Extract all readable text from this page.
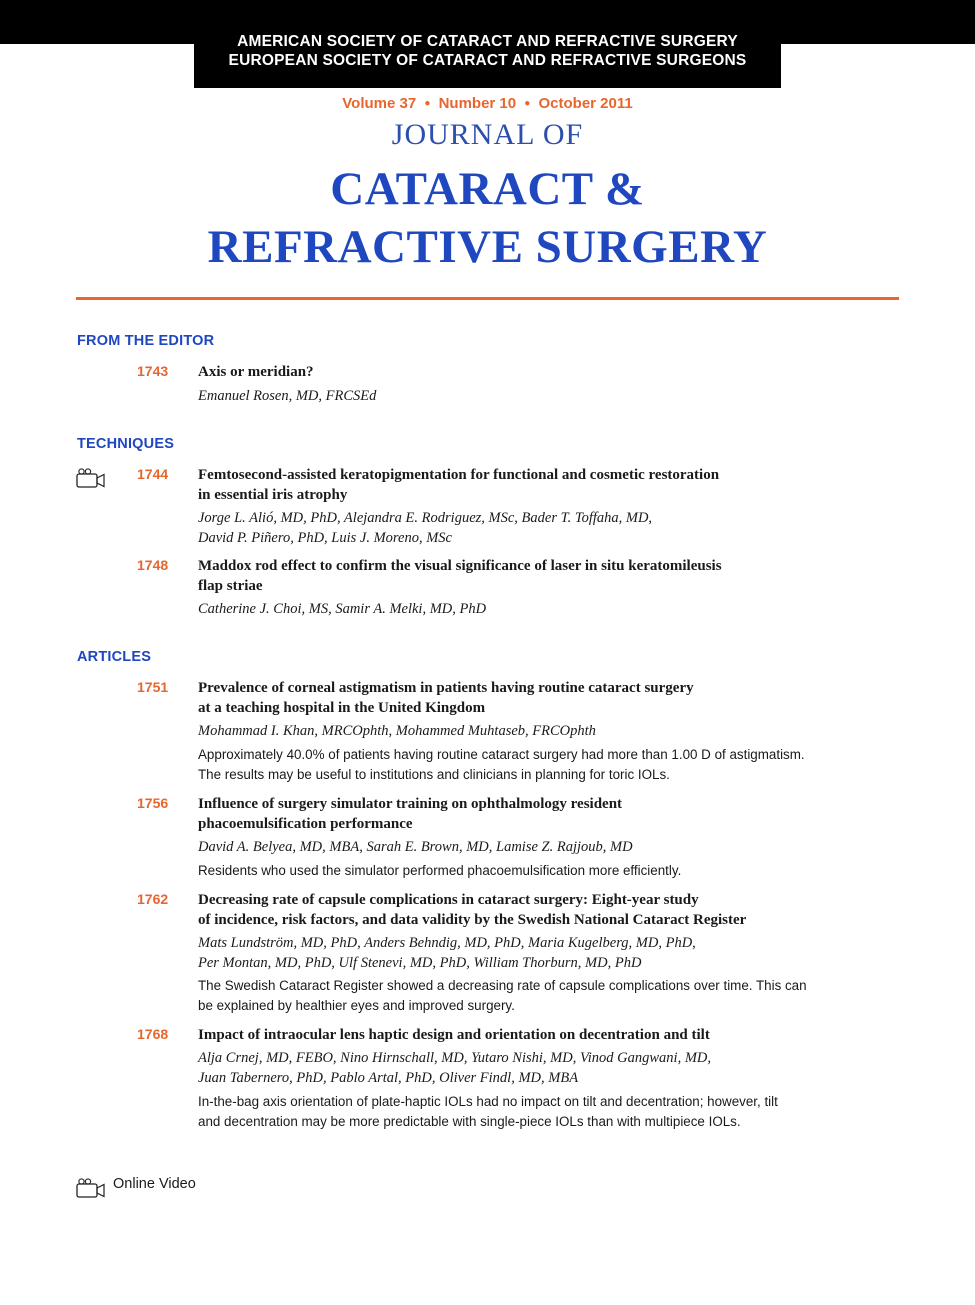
AMERICAN SOCIETY OF CATARACT AND REFRACTIVE SURGERY
EUROPEAN SOCIETY OF CATARACT AND REFRACTIVE SURGEONS
Volume 37 ● Number 10 ● October 2011
JOURNAL OF
CATARACT &
REFRACTIVE SURGERY
FROM THE EDITOR
1743 Axis or meridian?
Emanuel Rosen, MD, FRCSEd
TECHNIQUES
1744 Femtosecond-assisted keratopigmentation for functional and cosmetic restoration
in essential iris atrophy
Jorge L. Alió, MD, PhD, Alejandra E. Rodriguez, MSc, Bader T. Toffaha, MD,
David P. Piñero, PhD, Luis J. Moreno, MSc
1748 Maddox rod effect to confirm the visual significance of laser in situ keratomileusis
flap striae
Catherine J. Choi, MS, Samir A. Melki, MD, PhD
ARTICLES
1751 Prevalence of corneal astigmatism in patients having routine cataract surgery
at a teaching hospital in the United Kingdom
Mohammad I. Khan, MRCOphth, Mohammed Muhtaseb, FRCOphth
Approximately 40.0% of patients having routine cataract surgery had more than 1.00 D of astigmatism.
The results may be useful to institutions and clinicians in planning for toric IOLs.
1756 Influence of surgery simulator training on ophthalmology resident
phacoemulsification performance
David A. Belyea, MD, MBA, Sarah E. Brown, MD, Lamise Z. Rajjoub, MD
Residents who used the simulator performed phacoemulsification more efficiently.
1762 Decreasing rate of capsule complications in cataract surgery: Eight-year study
of incidence, risk factors, and data validity by the Swedish National Cataract Register
Mats Lundström, MD, PhD, Anders Behndig, MD, PhD, Maria Kugelberg, MD, PhD,
Per Montan, MD, PhD, Ulf Stenevi, MD, PhD, William Thorburn, MD, PhD
The Swedish Cataract Register showed a decreasing rate of capsule complications over time. This can
be explained by healthier eyes and improved surgery.
1768 Impact of intraocular lens haptic design and orientation on decentration and tilt
Alja Crnej, MD, FEBO, Nino Hirnschall, MD, Yutaro Nishi, MD, Vinod Gangwani, MD,
Juan Tabernero, PhD, Pablo Artal, PhD, Oliver Findl, MD, MBA
In-the-bag axis orientation of plate-haptic IOLs had no impact on tilt and decentration; however, tilt
and decentration may be more predictable with single-piece IOLs than with multipiece IOLs.
Online Video
